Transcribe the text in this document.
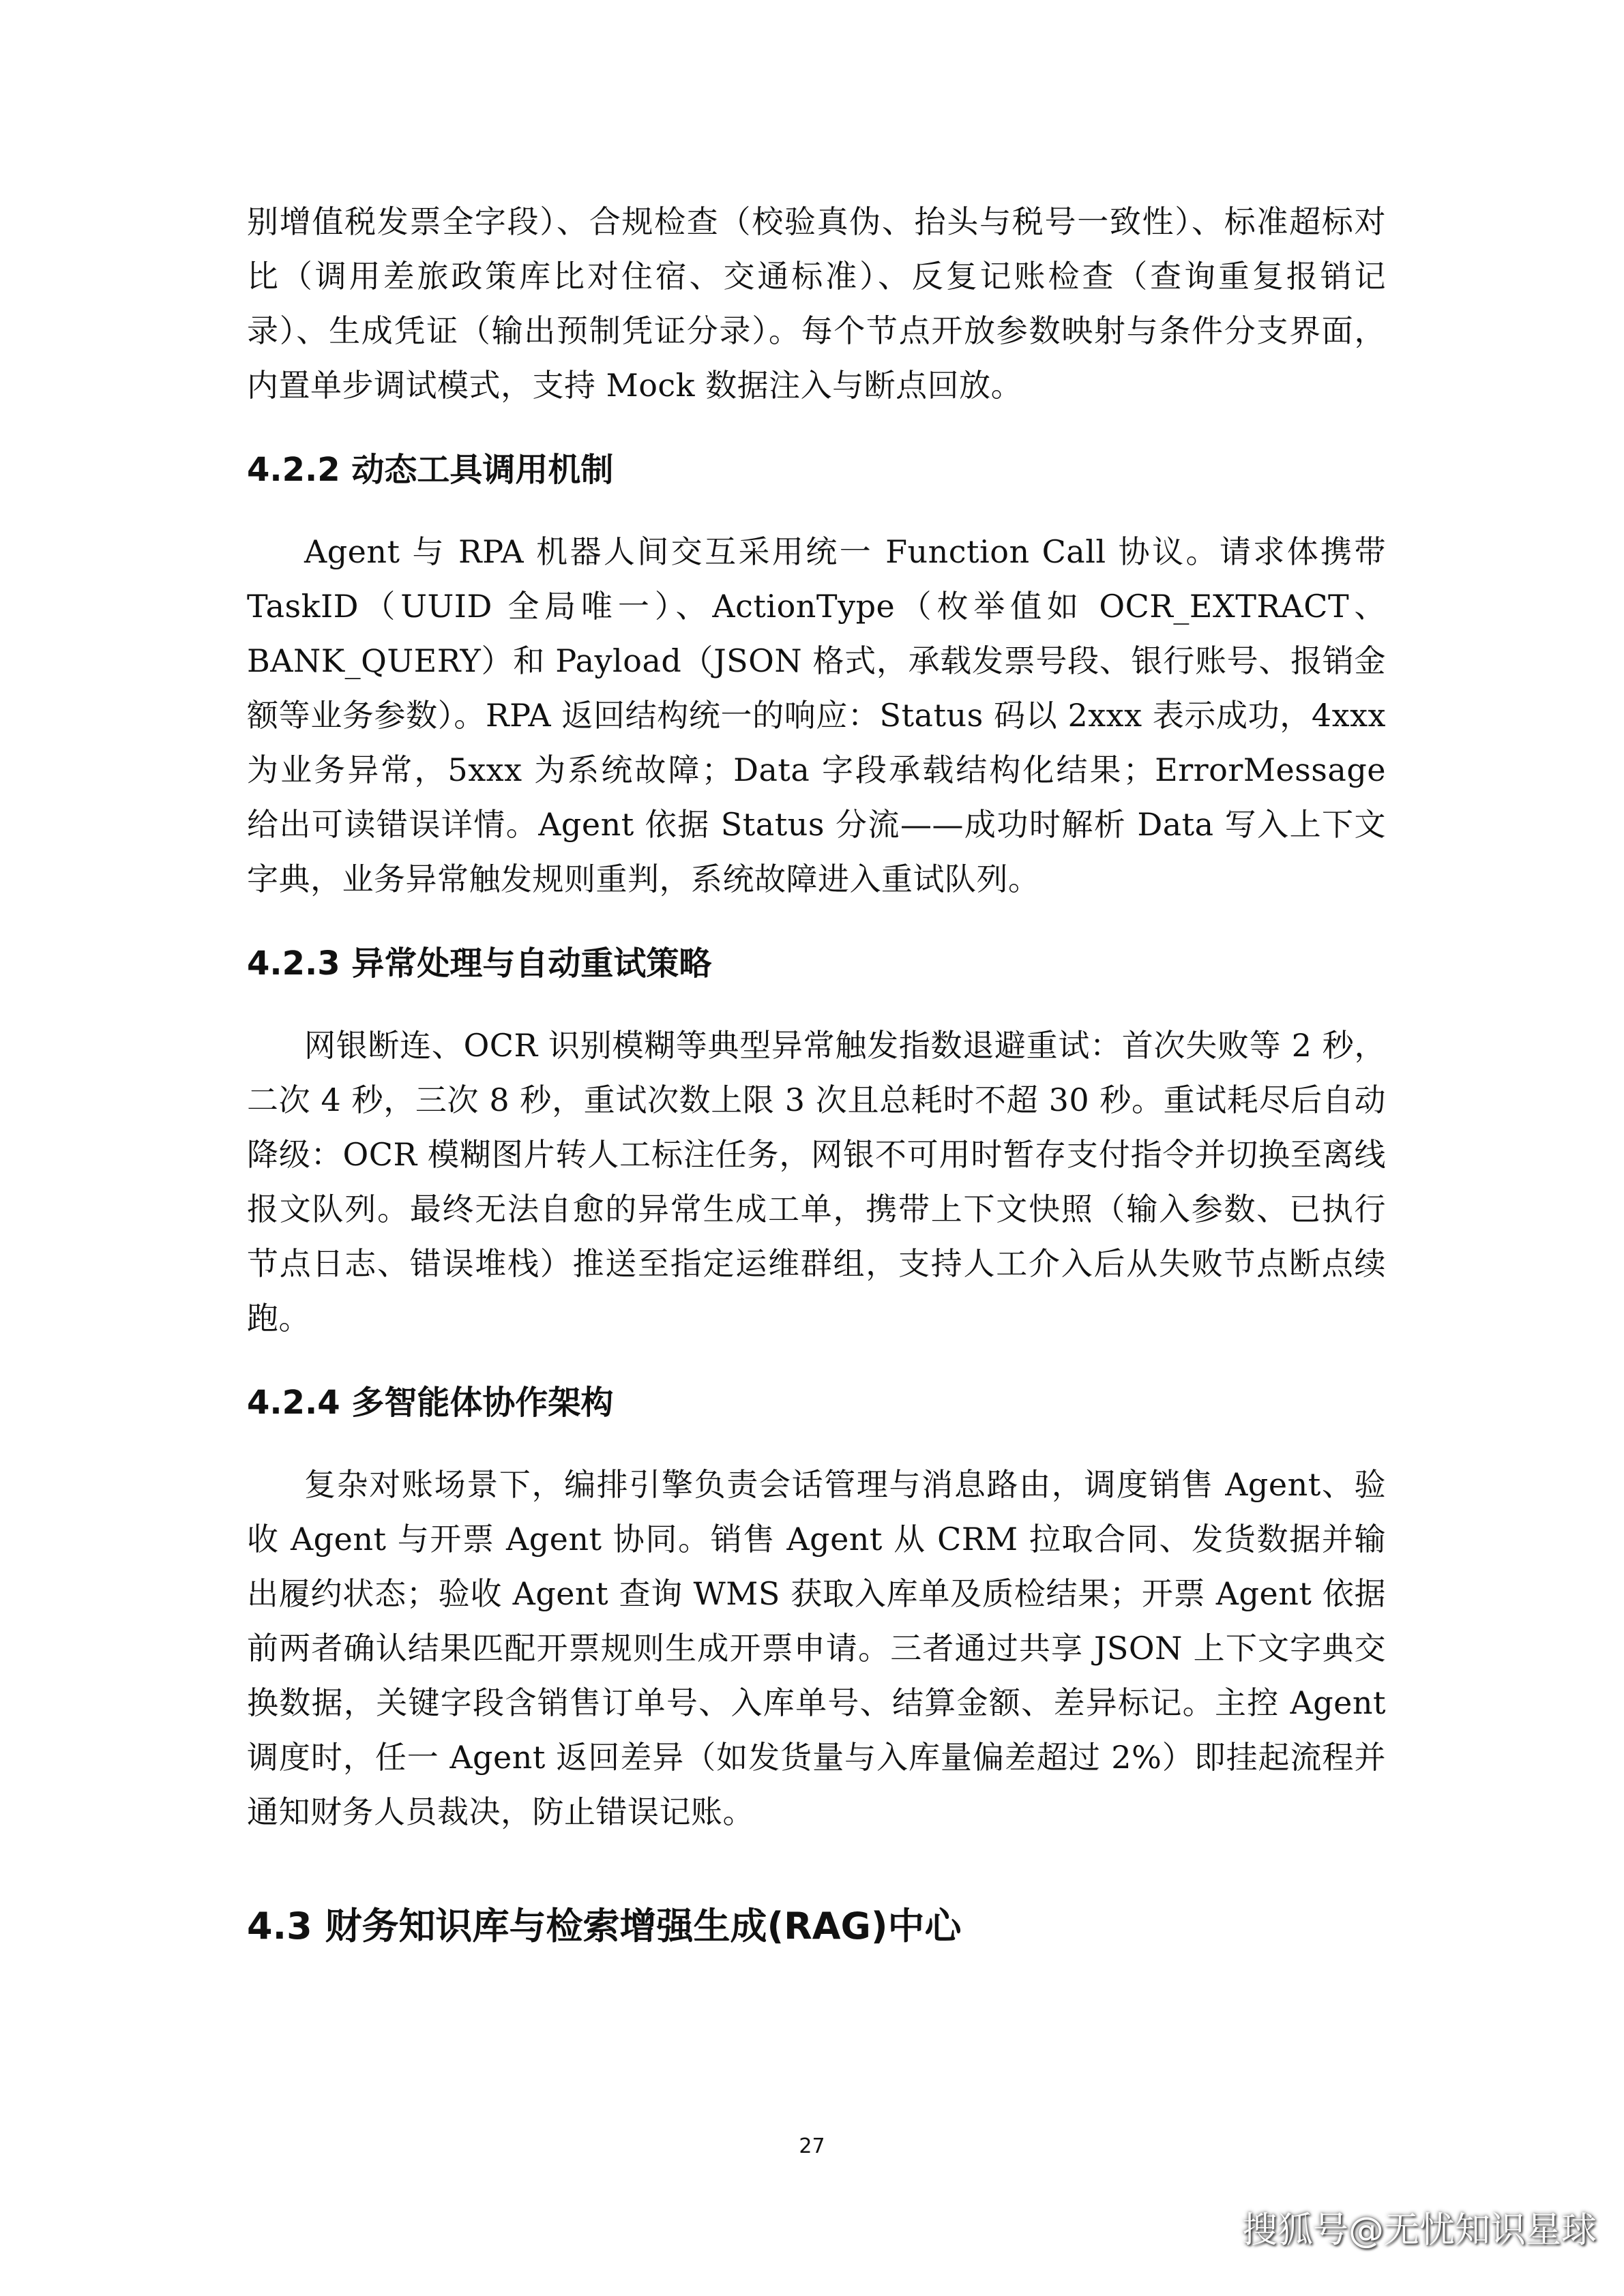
别增值税发票全字段）、合规检查（校验真伪、抬头与税号一致性）、标准超标对比（调用差旅政策库比对住宿、交通标准）、反复记账检查（查询重复报销记录）、生成凭证（输出预制凭证分录）。每个节点开放参数映射与条件分支界面，内置单步调试模式，支持 Mock 数据注入与断点回放。

4.2.2 动态工具调用机制

Agent 与 RPA 机器人间交互采用统一 Function Call 协议。请求体携带 TaskID（UUID 全局唯一）、ActionType（枚举值如 OCR_EXTRACT、BANK_QUERY）和 Payload（JSON 格式，承载发票号段、银行账号、报销金额等业务参数）。RPA 返回结构统一的响应：Status 码以 2xxx 表示成功，4xxx 为业务异常，5xxx 为系统故障；Data 字段承载结构化结果；ErrorMessage 给出可读错误详情。Agent 依据 Status 分流——成功时解析 Data 写入上下文字典，业务异常触发规则重判，系统故障进入重试队列。

4.2.3 异常处理与自动重试策略

网银断连、OCR 识别模糊等典型异常触发指数退避重试：首次失败等 2 秒，二次 4 秒，三次 8 秒，重试次数上限 3 次且总耗时不超 30 秒。重试耗尽后自动降级：OCR 模糊图片转人工标注任务，网银不可用时暂存支付指令并切换至离线报文队列。最终无法自愈的异常生成工单，携带上下文快照（输入参数、已执行节点日志、错误堆栈）推送至指定运维群组，支持人工介入后从失败节点断点续跑。

4.2.4 多智能体协作架构

复杂对账场景下，编排引擎负责会话管理与消息路由，调度销售 Agent、验收 Agent 与开票 Agent 协同。销售 Agent 从 CRM 拉取合同、发货数据并输出履约状态；验收 Agent 查询 WMS 获取入库单及质检结果；开票 Agent 依据前两者确认结果匹配开票规则生成开票申请。三者通过共享 JSON 上下文字典交换数据，关键字段含销售订单号、入库单号、结算金额、差异标记。主控 Agent 调度时，任一 Agent 返回差异（如发货量与入库量偏差超过 2%）即挂起流程并通知财务人员裁决，防止错误记账。

4.3 财务知识库与检索增强生成(RAG)中心
27
搜狐号@无忧知识星球
